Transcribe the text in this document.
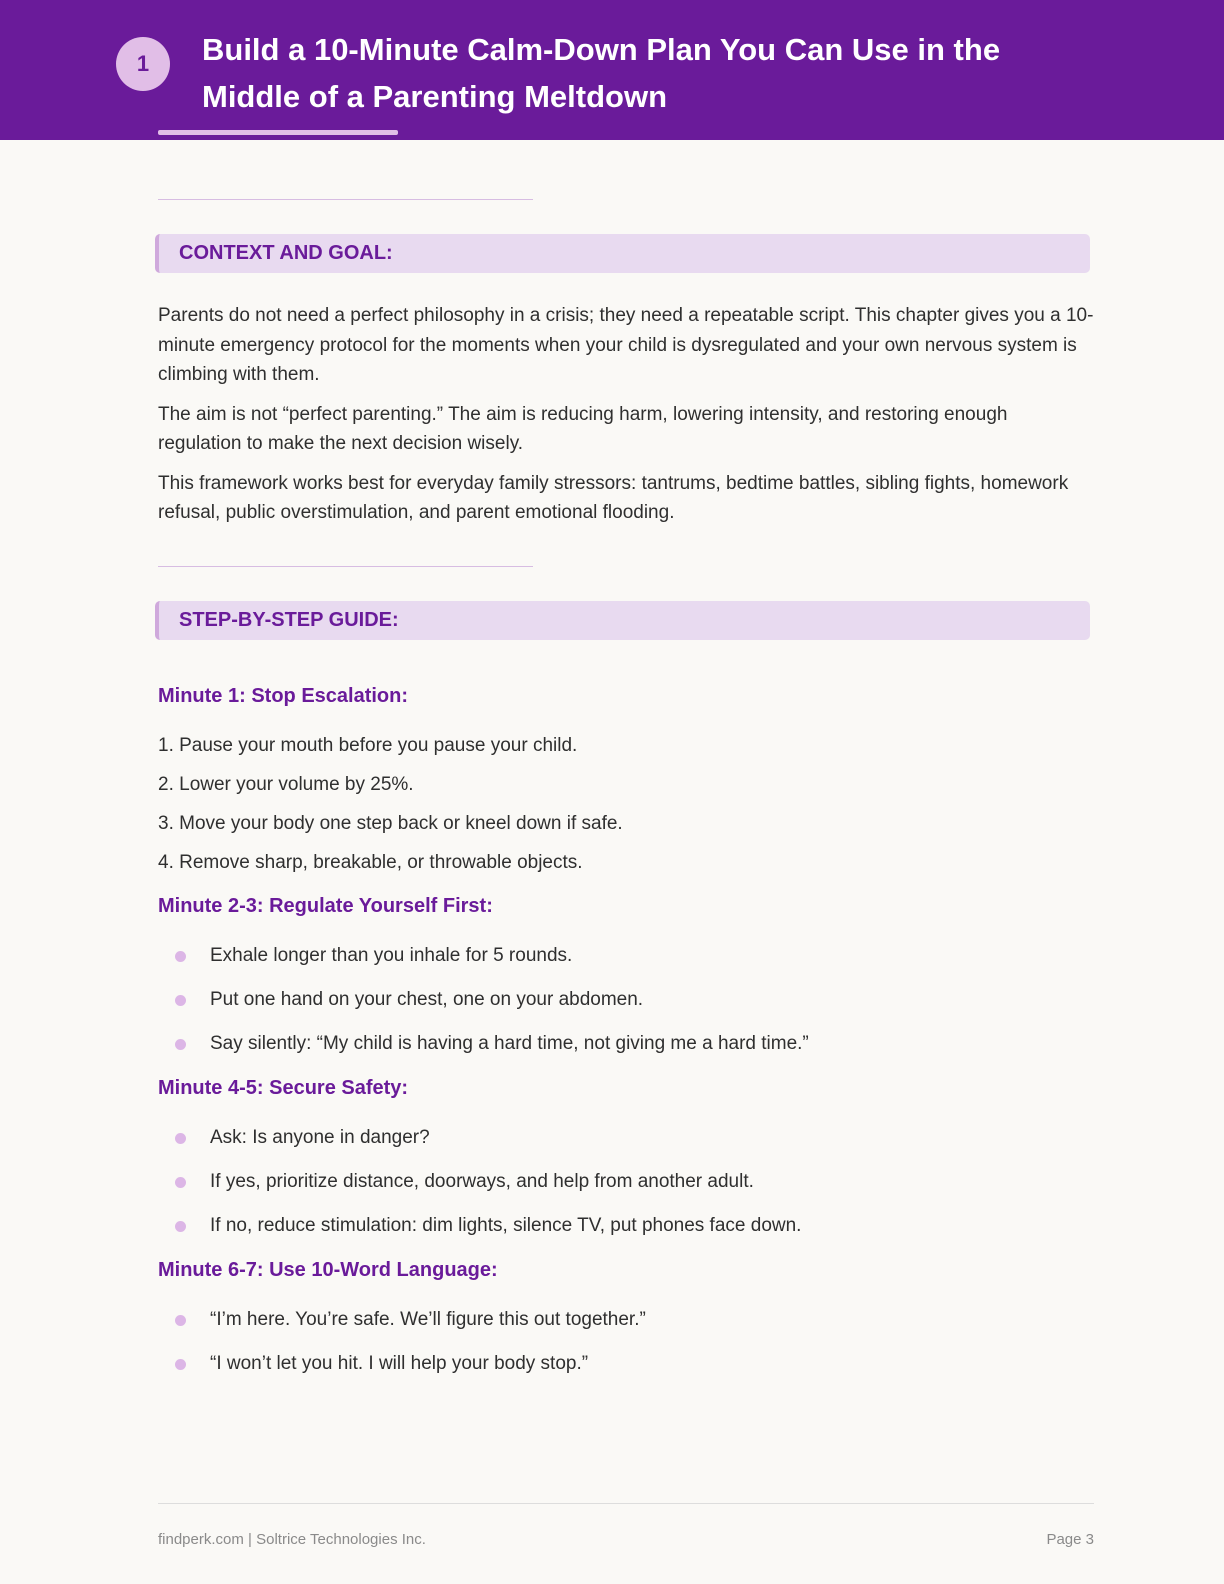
1	Build a 10-Minute Calm-Down Plan You Can Use in the
Middle of a Parenting Meltdown
CONTEXT AND GOAL:

Parents do not need a perfect philosophy in a crisis; they need a repeatable script. This chapter gives you a 10-minute emergency protocol for the moments when your child is dysregulated and your own nervous system is climbing with them.

The aim is not “perfect parenting.” The aim is reducing harm, lowering intensity, and restoring enough regulation to make the next decision wisely.

This framework works best for everyday family stressors: tantrums, bedtime battles, sibling fights, homework refusal, public overstimulation, and parent emotional flooding.

STEP-BY-STEP GUIDE:
Minute 1: Stop Escalation:
1. Pause your mouth before you pause your child.
2. Lower your volume by 25%.
3. Move your body one step back or kneel down if safe.
4. Remove sharp, breakable, or throwable objects.
Minute 2-3: Regulate Yourself First:
Exhale longer than you inhale for 5 rounds.
Put one hand on your chest, one on your abdomen.
Say silently: “My child is having a hard time, not giving me a hard time.”
Minute 4-5: Secure Safety:
Ask: Is anyone in danger?
If yes, prioritize distance, doorways, and help from another adult.
If no, reduce stimulation: dim lights, silence TV, put phones face down.
Minute 6-7: Use 10-Word Language:
“I’m here. You’re safe. We’ll figure this out together.”
“I won’t let you hit. I will help your body stop.”
findperk.com | Soltrice Technologies Inc.	Page 3
